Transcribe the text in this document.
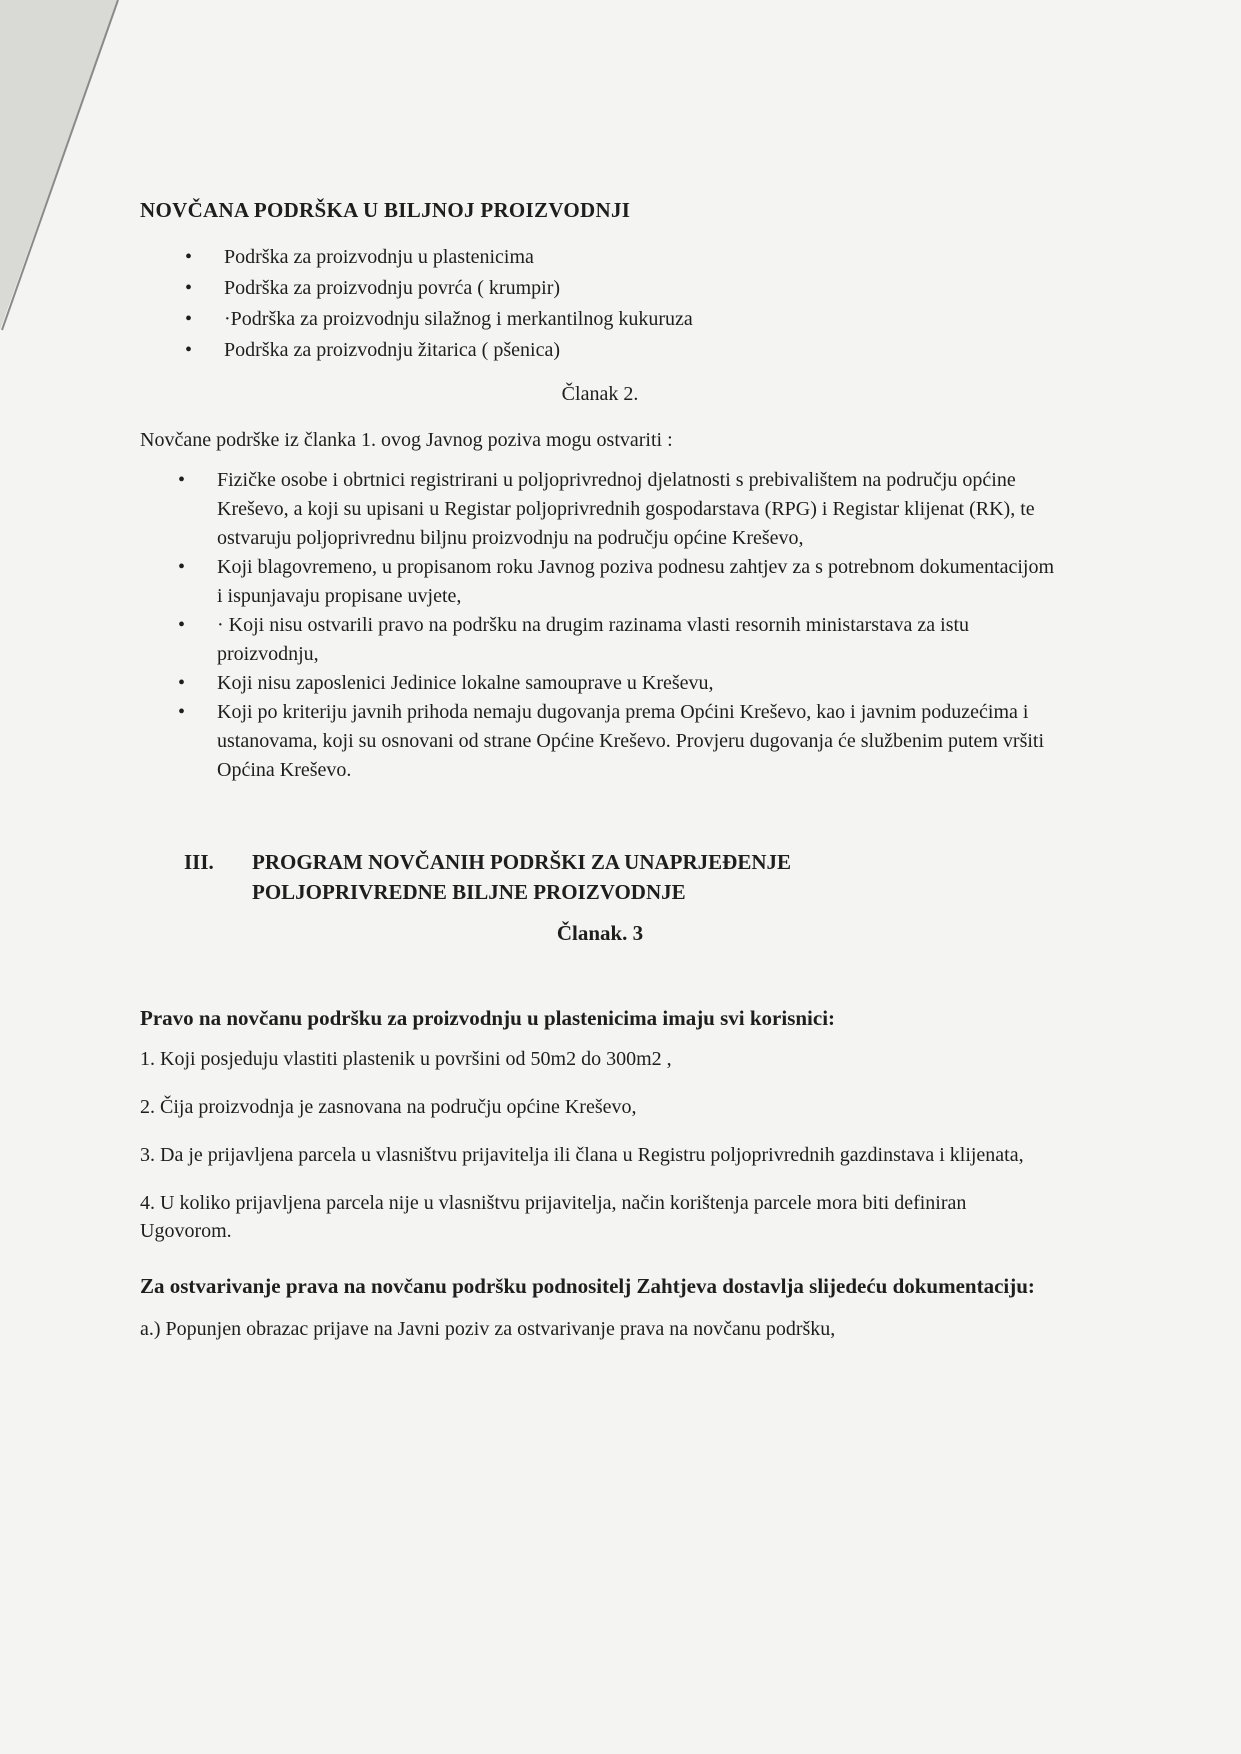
NOVČANA PODRŠKA U BILJNOJ PROIZVODNJI
• Podrška za proizvodnju u plastenicima
• Podrška za proizvodnju povrća ( krumpir)
• ·Podrška za proizvodnju silažnog i merkantilnog kukuruza
• Podrška za proizvodnju žitarica ( pšenica)
Članak 2.

Novčane podrške iz članka 1. ovog Javnog poziva mogu ostvariti :

• Fizičke osobe i obrtnici registrirani u poljoprivrednoj djelatnosti s prebivalištem na području općine Kreševo, a koji su upisani u Registar poljoprivrednih gospodarstava (RPG) i Registar klijenat (RK), te ostvaruju poljoprivrednu biljnu proizvodnju na području općine Kreševo,
• Koji blagovremeno, u propisanom roku Javnog poziva podnesu zahtjev za s potrebnom dokumentacijom i ispunjavaju propisane uvjete,
• · Koji nisu ostvarili pravo na podršku na drugim razinama vlasti resornih ministarstava za istu proizvodnju,
• Koji nisu zaposlenici Jedinice lokalne samouprave u Kreševu,
• Koji po kriteriju javnih prihoda nemaju dugovanja prema Općini Kreševo, kao i javnim poduzećima i ustanovama, koji su osnovani od strane Općine Kreševo. Provjeru dugovanja će službenim putem vršiti Općina Kreševo.
III. PROGRAM NOVČANIH PODRŠKI ZA UNAPRJEĐENJE
POLJOPRIVREDNE BILJNE PROIZVODNJE
Članak. 3
Pravo na novčanu podršku za proizvodnju u plastenicima imaju svi korisnici:

1. Koji posjeduju vlastiti plastenik u površini od 50m2 do 300m2 ,

2. Čija proizvodnja je zasnovana na području općine Kreševo,

3. Da je prijavljena parcela u vlasništvu prijavitelja ili člana u Registru poljoprivrednih gazdinstava i klijenata,

4. U koliko prijavljena parcela nije u vlasništvu prijavitelja, način korištenja parcele mora biti definiran Ugovorom.

Za ostvarivanje prava na novčanu podršku podnositelj Zahtjeva dostavlja slijedeću dokumentaciju:

a.) Popunjen obrazac prijave na Javni poziv za ostvarivanje prava na novčanu podršku,
